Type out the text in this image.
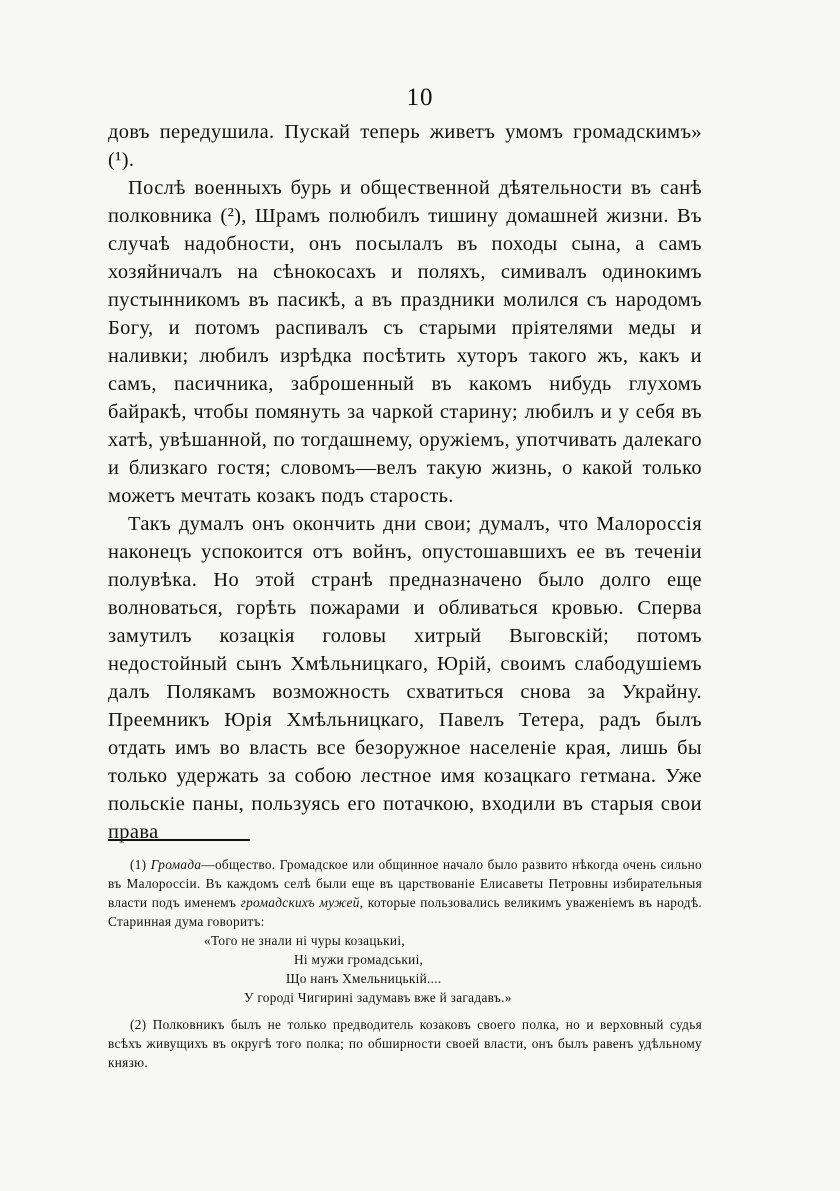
10

довъ передушила. Пускай теперь живетъ умомъ громадскимъ» (¹).

Послѣ военныхъ бурь и общественной дѣятельности въ санѣ полковника (²), Шрамъ полюбилъ тишину домашней жизни. Въ случаѣ надобности, онъ посылалъ въ походы сына, а самъ хозяйничалъ на сѣнокосахъ и поляхъ, симивалъ одинокимъ пустынникомъ въ пасикѣ, а въ праздники молился съ народомъ Богу, и потомъ распивалъ съ старыми пріятелями меды и наливки; любилъ изрѣдка посѣтить хуторъ такого жъ, какъ и самъ, пасичника, заброшенный въ какомъ нибудь глухомъ байракѣ, чтобы помянуть за чаркой старину; любилъ и у себя въ хатѣ, увѣшанной, по тогдашнему, оружіемъ, употчивать далекаго и близкаго гостя; словомъ—велъ такую жизнь, о какой только можетъ мечтать козакъ подъ старость.

Такъ думалъ онъ окончить дни свои; думалъ, что Малороссія наконецъ успокоится отъ войнъ, опустошавшихъ ее въ теченіи полувѣка. Но этой странѣ предназначено было долго еще волноваться, горѣть пожарами и обливаться кровью. Сперва замутилъ козацкія головы хитрый Выговскій; потомъ недостойный сынъ Хмѣльницкаго, Юрій, своимъ слабодушіемъ далъ Полякамъ возможность схватиться снова за Украйну. Преемникъ Юрія Хмѣльницкаго, Павелъ Тетера, радъ былъ отдать имъ во власть все безоружное населеніе края, лишь бы только удержать за собою лестное имя козацкаго гетмана. Уже польскіе паны, пользуясь его потачкою, входили въ старыя свои права

(1) Громада—общество. Громадское или общинное начало было развито нѣкогда очень сильно въ Малороссіи. Въ каждомъ селѣ были еще въ царствованіе Елисаветы Петровны избирательныя власти подъ именемъ громадскихъ мужей, которые пользовались великимъ уваженіемъ въ народѣ. Старинная дума говоритъ:

«Того не знали ні чуры козацькиі,
Ні мужи громадськиі,
Що нанъ Хмельницькій....
У городі Чигиринi задумавъ вже й загадавъ.»

(2) Полковникъ былъ не только предводитель козаковъ своего полка, но и верховный судья всѣхъ живущихъ въ округѣ того полка; по обширности своей власти, онъ былъ равенъ удѣльному князю.
